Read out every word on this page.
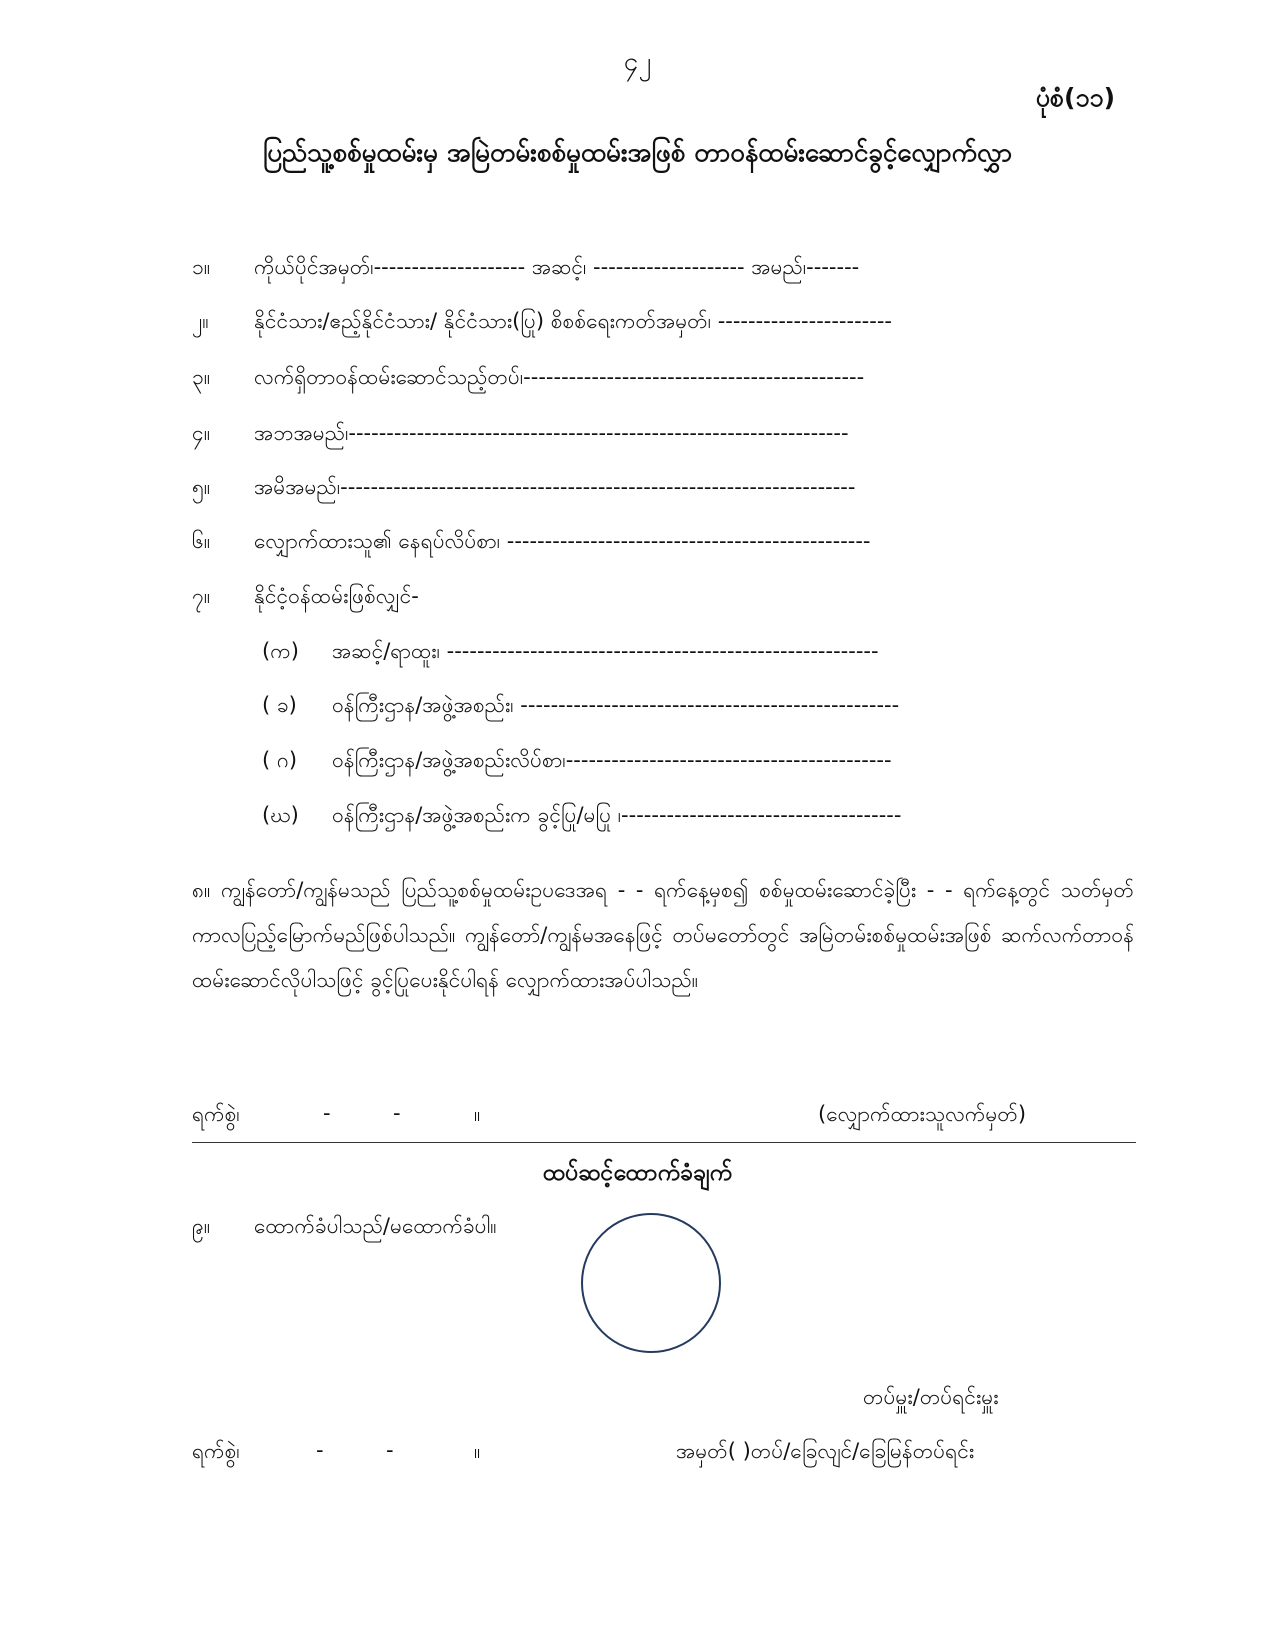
၄၂
ပုံစံ(၁၁)
ပြည်သူ့စစ်မှုထမ်းမှ အမြဲတမ်းစစ်မှုထမ်းအဖြစ် တာဝန်ထမ်းဆောင်ခွင့်လျှောက်လွှာ
၁။ ကိုယ်ပိုင်အမှတ်၊-------------------- အဆင့်၊ -------------------- အမည်၊-------
၂။ နိုင်ငံသား/ဧည့်နိုင်ငံသား/ နိုင်ငံသား(ပြု) စိစစ်ရေးကတ်အမှတ်၊ -----------------------
၃။ လက်ရှိတာဝန်ထမ်းဆောင်သည့်တပ်၊---------------------------------------------
၄။ အဘအမည်၊------------------------------------------------------------------
၅။ အမိအမည်၊--------------------------------------------------------------------
၆။ လျှောက်ထားသူ၏ နေရပ်လိပ်စာ၊ ------------------------------------------------
၇။ နိုင်ငံ့ဝန်ထမ်းဖြစ်လျှင်-
(က) အဆင့်/ရာထူး၊ ---------------------------------------------------------
( ခ) ဝန်ကြီးဌာန/အဖွဲ့အစည်း၊ --------------------------------------------------
( ဂ) ဝန်ကြီးဌာန/အဖွဲ့အစည်းလိပ်စာ၊-------------------------------------------
(ဃ) ဝန်ကြီးဌာန/အဖွဲ့အစည်းက ခွင့်ပြု/မပြု ၊-------------------------------------
၈။ ကျွန်တော်/ကျွန်မသည် ပြည်သူ့စစ်မှုထမ်းဥပဒေအရ - - ရက်နေ့မှစ၍ စစ်မှုထမ်းဆောင်ခဲ့ပြီး - - ရက်နေ့တွင် သတ်မှတ်ကာလပြည့်မြောက်မည်ဖြစ်ပါသည်။ ကျွန်တော်/ကျွန်မအနေဖြင့် တပ်မတော်တွင် အမြဲတမ်းစစ်မှုထမ်းအဖြစ် ဆက်လက်တာဝန်ထမ်းဆောင်လိုပါသဖြင့် ခွင့်ပြုပေးနိုင်ပါရန် လျှောက်ထားအပ်ပါသည်။
ရက်စွဲ၊	-	-	။	(လျှောက်ထားသူလက်မှတ်)
ထပ်ဆင့်ထောက်ခံချက်
၉။ ထောက်ခံပါသည်/မထောက်ခံပါ။
တပ်မှူး/တပ်ရင်းမှူး
ရက်စွဲ၊	-	-	။	အမှတ်( )တပ်/ခြေလျင်/ခြေမြန်တပ်ရင်း
